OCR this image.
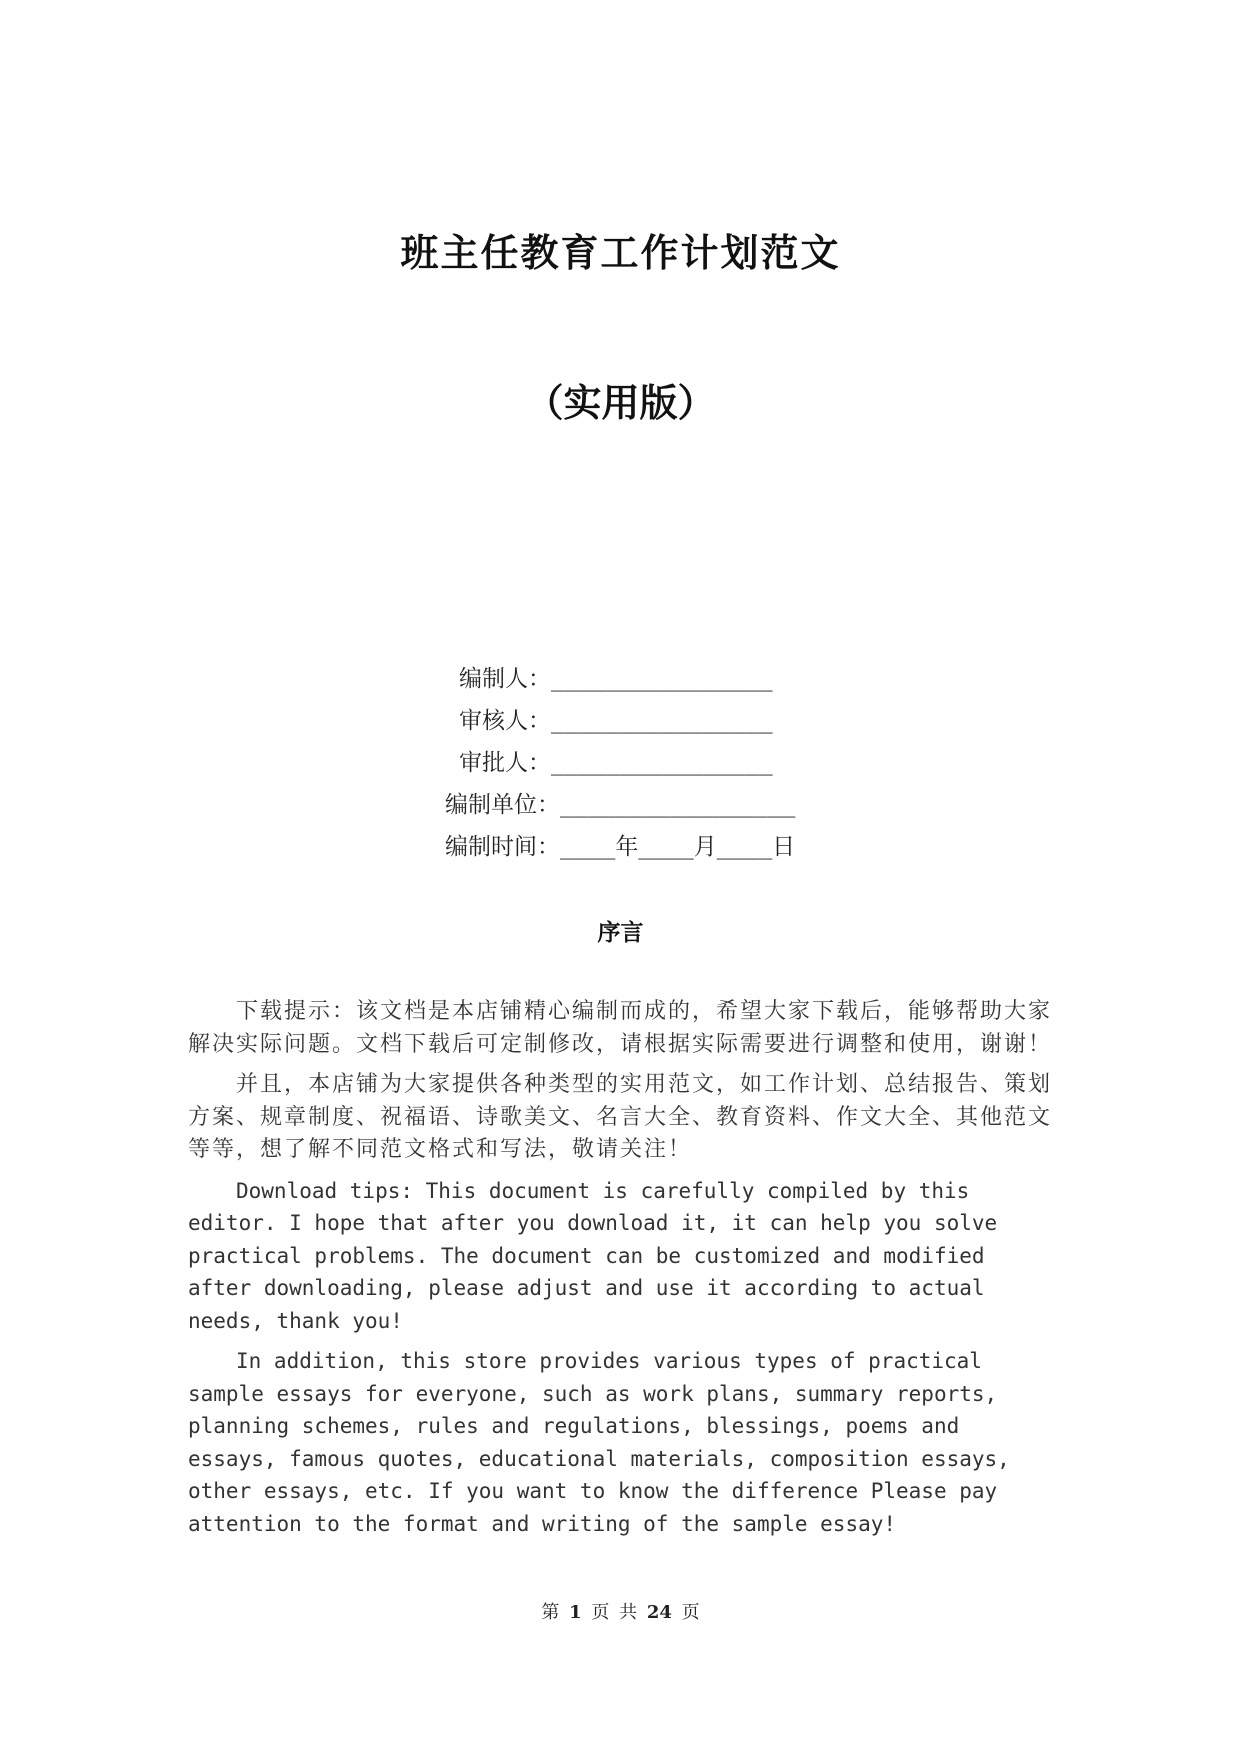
班主任教育工作计划范文
（实用版）
编制人：________________
审核人：________________
审批人：________________
编制单位：_________________
编制时间：____年____月____日
序言

下载提示：该文档是本店铺精心编制而成的，希望大家下载后，能够帮助大家解决实际问题。文档下载后可定制修改，请根据实际需要进行调整和使用，谢谢！

并且，本店铺为大家提供各种类型的实用范文，如工作计划、总结报告、策划方案、规章制度、祝福语、诗歌美文、名言大全、教育资料、作文大全、其他范文等等，想了解不同范文格式和写法，敬请关注！

Download tips: This document is carefully compiled by this editor. I hope that after you download it, it can help you solve practical problems. The document can be customized and modified after downloading, please adjust and use it according to actual needs, thank you!

In addition, this store provides various types of practical sample essays for everyone, such as work plans, summary reports, planning schemes, rules and regulations, blessings, poems and essays, famous quotes, educational materials, composition essays, other essays, etc. If you want to know the difference Please pay attention to the format and writing of the sample essay!

第 1 页 共 24 页
